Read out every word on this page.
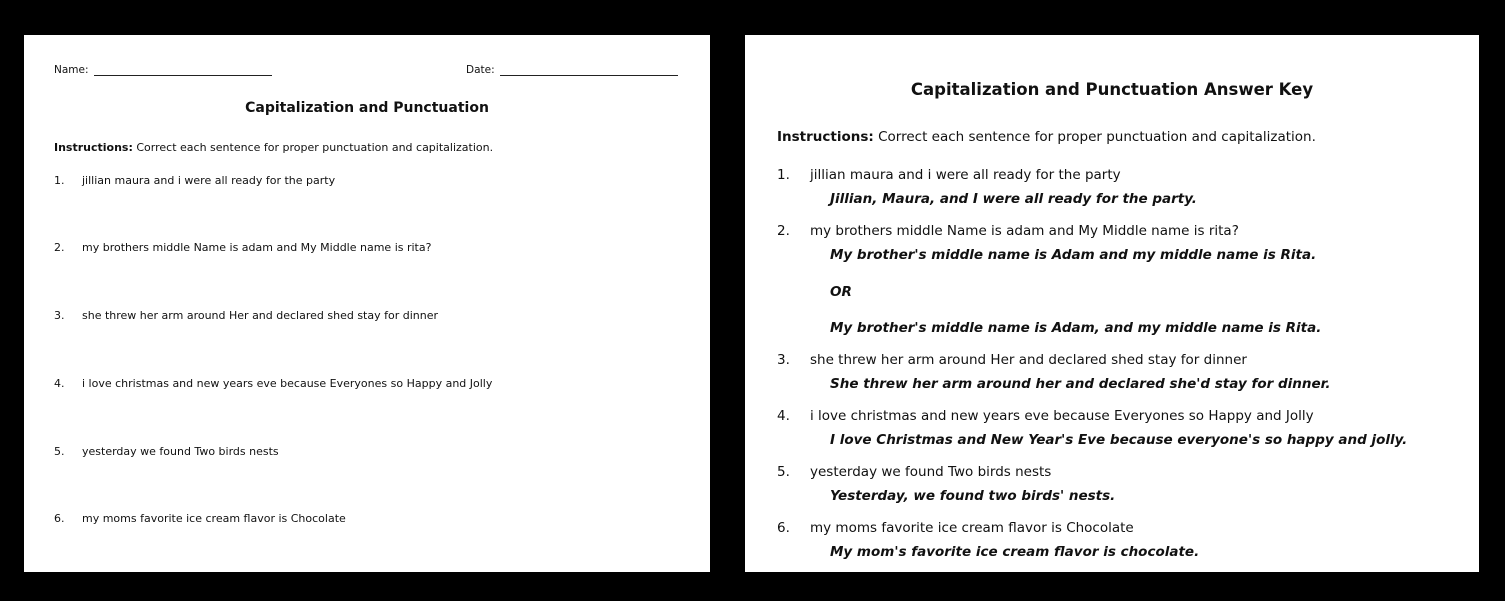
Name:	Date:
Capitalization and Punctuation
Instructions: Correct each sentence for proper punctuation and capitalization.
1. jillian maura and i were all ready for the party
2. my brothers middle Name is adam and My Middle name is rita?
3. she threw her arm around Her and declared shed stay for dinner
4. i love christmas and new years eve because Everyones so Happy and Jolly
5. yesterday we found Two birds nests
6. my moms favorite ice cream flavor is Chocolate
Capitalization and Punctuation Answer Key
Instructions: Correct each sentence for proper punctuation and capitalization.
1. jillian maura and i were all ready for the party
Jillian, Maura, and I were all ready for the party.
2. my brothers middle Name is adam and My Middle name is rita?
My brother's middle name is Adam and my middle name is Rita.
OR
My brother's middle name is Adam, and my middle name is Rita.
3. she threw her arm around Her and declared shed stay for dinner
She threw her arm around her and declared she'd stay for dinner.
4. i love christmas and new years eve because Everyones so Happy and Jolly
I love Christmas and New Year's Eve because everyone's so happy and jolly.
5. yesterday we found Two birds nests
Yesterday, we found two birds' nests.
6. my moms favorite ice cream flavor is Chocolate
My mom's favorite ice cream flavor is chocolate.
